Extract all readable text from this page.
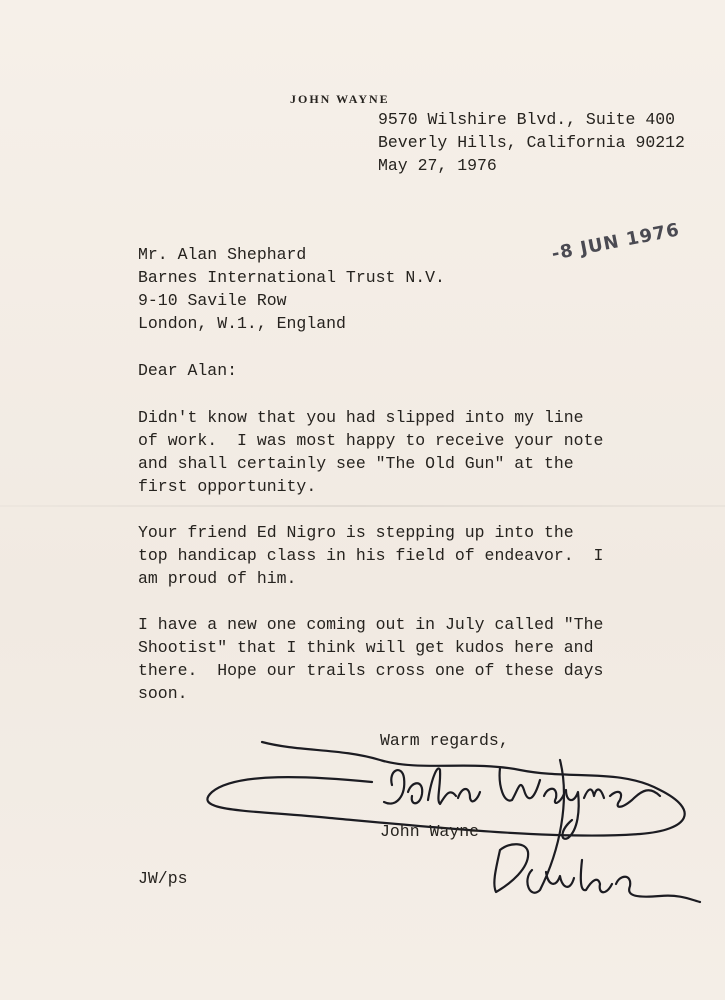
JOHN WAYNE
9570 Wilshire Blvd., Suite 400
Beverly Hills, California 90212
May 27, 1976
-8 JUN 1976
Mr. Alan Shephard
Barnes International Trust N.V.
9-10 Savile Row
London, W.1., England
Dear Alan:
Didn't know that you had slipped into my line
of work.  I was most happy to receive your note
and shall certainly see "The Old Gun" at the
first opportunity.
Your friend Ed Nigro is stepping up into the
top handicap class in his field of endeavor.  I
am proud of him.
I have a new one coming out in July called "The
Shootist" that I think will get kudos here and
there.  Hope our trails cross one of these days
soon.
Warm regards,
John Wayne
JW/ps
